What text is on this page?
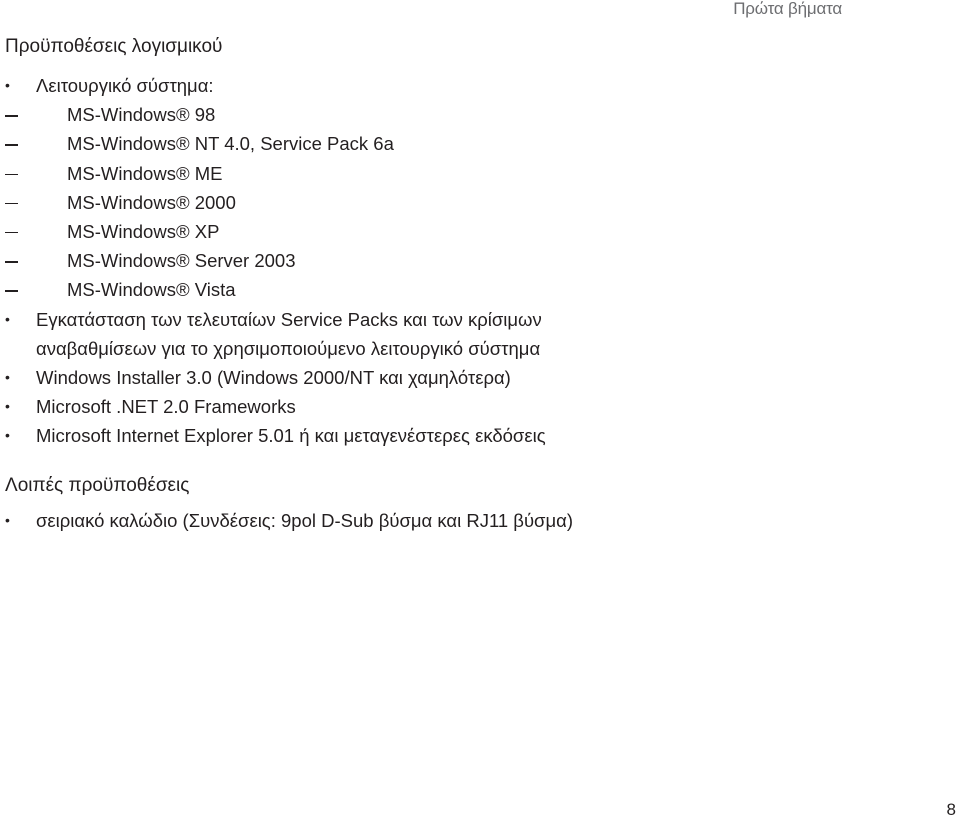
Πρώτα βήματα
Προϋποθέσεις λογισμικού
•	Λειτουργικό σύστημα:
MS-Windows® 98
MS-Windows® NT 4.0, Service Pack 6a
MS-Windows® ME
MS-Windows® 2000
MS-Windows® XP
MS-Windows® Server 2003
MS-Windows® Vista
•	Εγκατάσταση των τελευταίων Service Packs και των κρίσιμων αναβαθμίσεων για το χρησιμοποιούμενο λειτουργικό σύστημα
•	Windows Installer 3.0 (Windows 2000/NT και χαμηλότερα)
•	Microsoft .NET 2.0 Frameworks
•	Microsoft Internet Explorer 5.01 ή και μεταγενέστερες εκδόσεις
Λοιπές προϋποθέσεις
•	σειριακό καλώδιο (Συνδέσεις: 9pol D-Sub βύσμα και RJ11 βύσμα)
8
